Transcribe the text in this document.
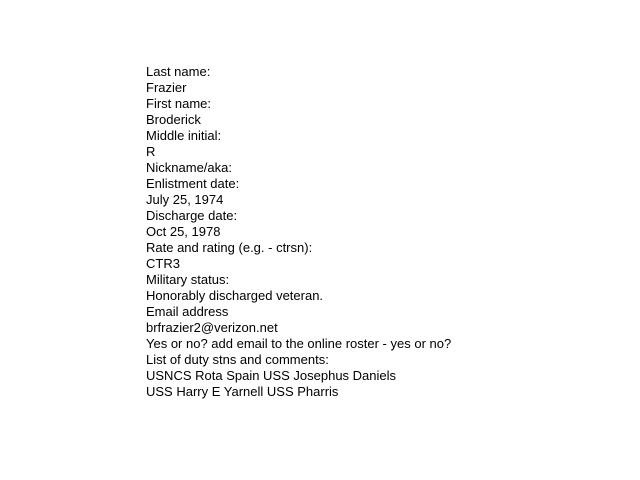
Last name:
Frazier
First name:
Broderick
Middle initial:
R
Nickname/aka:
Enlistment date:
July 25, 1974
Discharge date:
Oct 25, 1978
Rate and rating (e.g. - ctrsn):
CTR3
Military status:
Honorably discharged veteran.
Email address
brfrazier2@verizon.net
Yes or no? add email to the online roster - yes or no?
List of duty stns and comments:
USNCS Rota Spain USS Josephus Daniels
USS Harry E Yarnell USS Pharris
